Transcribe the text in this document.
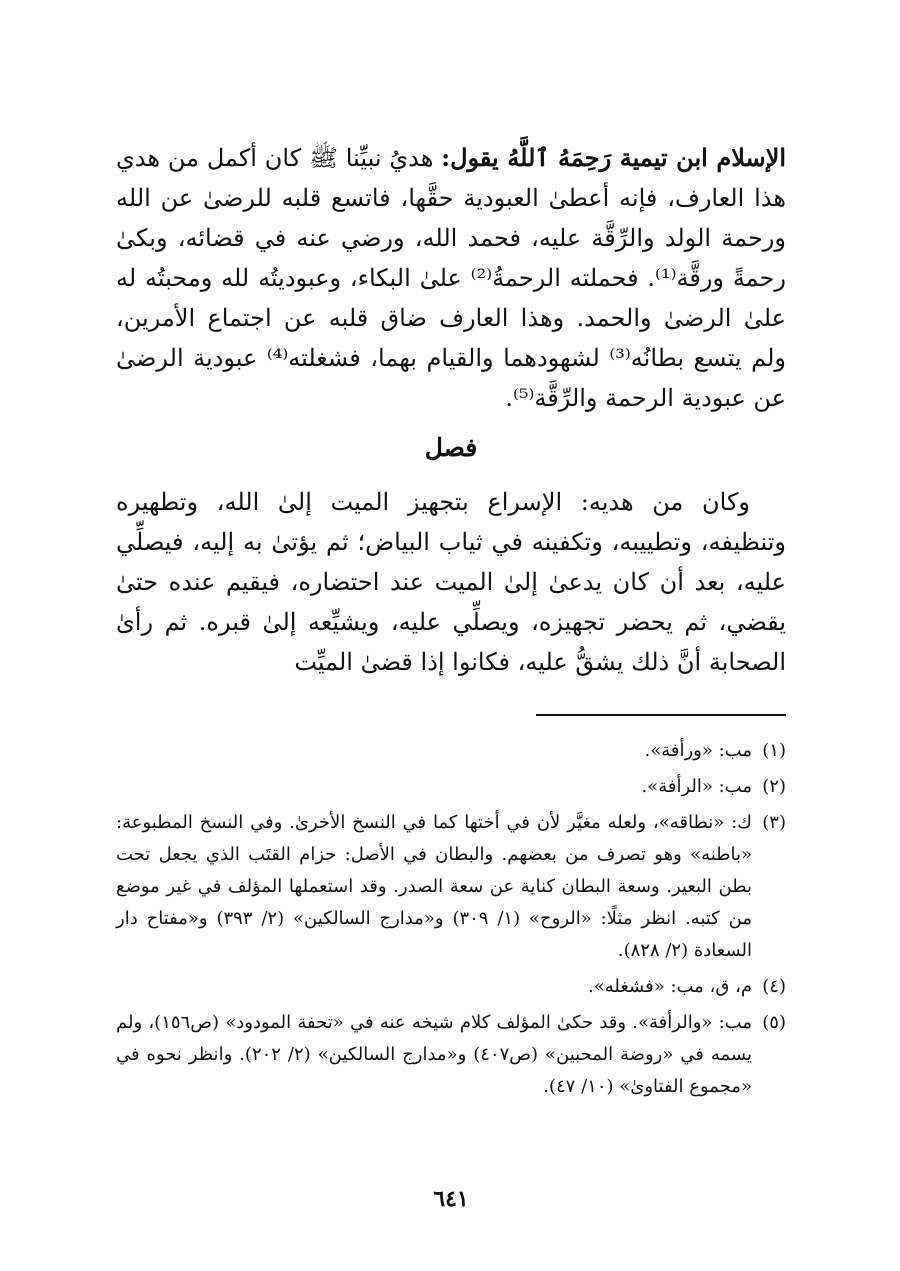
الإسلام ابن تيمية رَحِمَهُ ٱللَّهُ يقول: هديُ نبيِّنا ﷺ كان أكمل من هدي هذا العارف، فإنه أعطىٰ العبودية حقَّها، فاتسع قلبه للرضىٰ عن الله ورحمة الولد والرِّقَّة عليه، فحمد الله، ورضي عنه في قضائه، وبكىٰ رحمةً ورقَّة⁽¹⁾. فحملته الرحمةُ⁽²⁾ علىٰ البكاء، وعبوديتُه لله ومحبتُه له علىٰ الرضىٰ والحمد. وهذا العارف ضاق قلبه عن اجتماع الأمرين، ولم يتسع بطانُه⁽³⁾ لشهودهما والقيام بهما، فشغلته⁽⁴⁾ عبودية الرضىٰ عن عبودية الرحمة والرِّقَّة⁽⁵⁾.

فصل

وكان من هديه: الإسراع بتجهيز الميت إلىٰ الله، وتطهيره وتنظيفه، وتطييبه، وتكفينه في ثياب البياض؛ ثم يؤتىٰ به إليه، فيصلِّي عليه، بعد أن كان يدعىٰ إلىٰ الميت عند احتضاره، فيقيم عنده حتىٰ يقضي، ثم يحضر تجهيزه، ويصلِّي عليه، ويشيِّعه إلىٰ قبره. ثم رأىٰ الصحابة أنَّ ذلك يشقُّ عليه، فكانوا إذا قضىٰ الميِّت

(١)
مب: «ورأفة».
(٢)
مب: «الرأفة».
(٣)
ك: «نطاقه»، ولعله مغيَّر لأن في أختها كما في النسخ الأخرىٰ. وفي النسخ المطبوعة: «باطنه» وهو تصرف من بعضهم. والبطان في الأصل: حزام القتَب الذي يجعل تحت بطن البعير. وسعة البطان كناية عن سعة الصدر. وقد استعملها المؤلف في غير موضع من كتبه. انظر مثلًا: «الروح» (١/ ٣٠٩) و«مدارج السالكين» (٢/ ٣٩٣) و«مفتاح دار السعادة (٢/ ٨٢٨).
(٤)
م، ق، مب: «فشغله».
(٥)
مب: «والرأفة». وقد حكىٰ المؤلف كلام شيخه عنه في «تحفة المودود» (ص١٥٦)، ولم يسمه في «روضة المحبين» (ص٤٠٧) و«مدارج السالكين» (٢/ ٢٠٢). وانظر نحوه في «مجموع الفتاوىٰ» (١٠/ ٤٧).
٦٤١
